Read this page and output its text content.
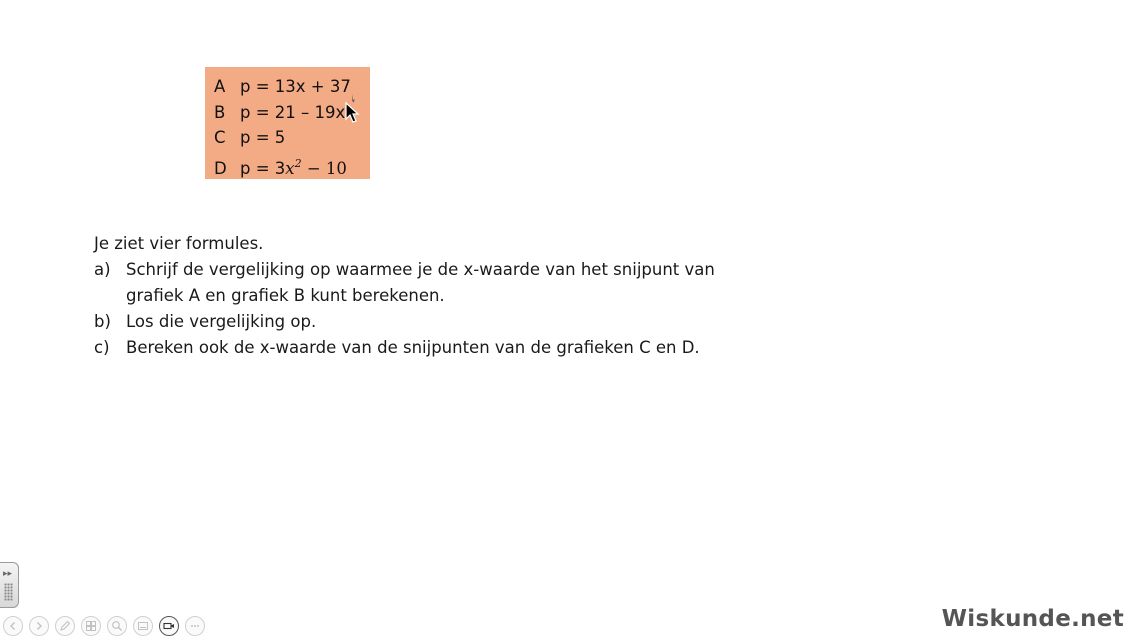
A p = 13x + 37
B p = 21 – 19x
C p = 5
D $p = 3x^2 - 10$
Je ziet vier formules.
a) Schrijf de vergelijking op waarmee je de x-waarde van het snijpunt van grafiek A en grafiek B kunt berekenen.
b) Los die vergelijking op.
c) Bereken ook de x-waarde van de snijpunten van de grafieken C en D.
▸▸
Wiskunde.net
